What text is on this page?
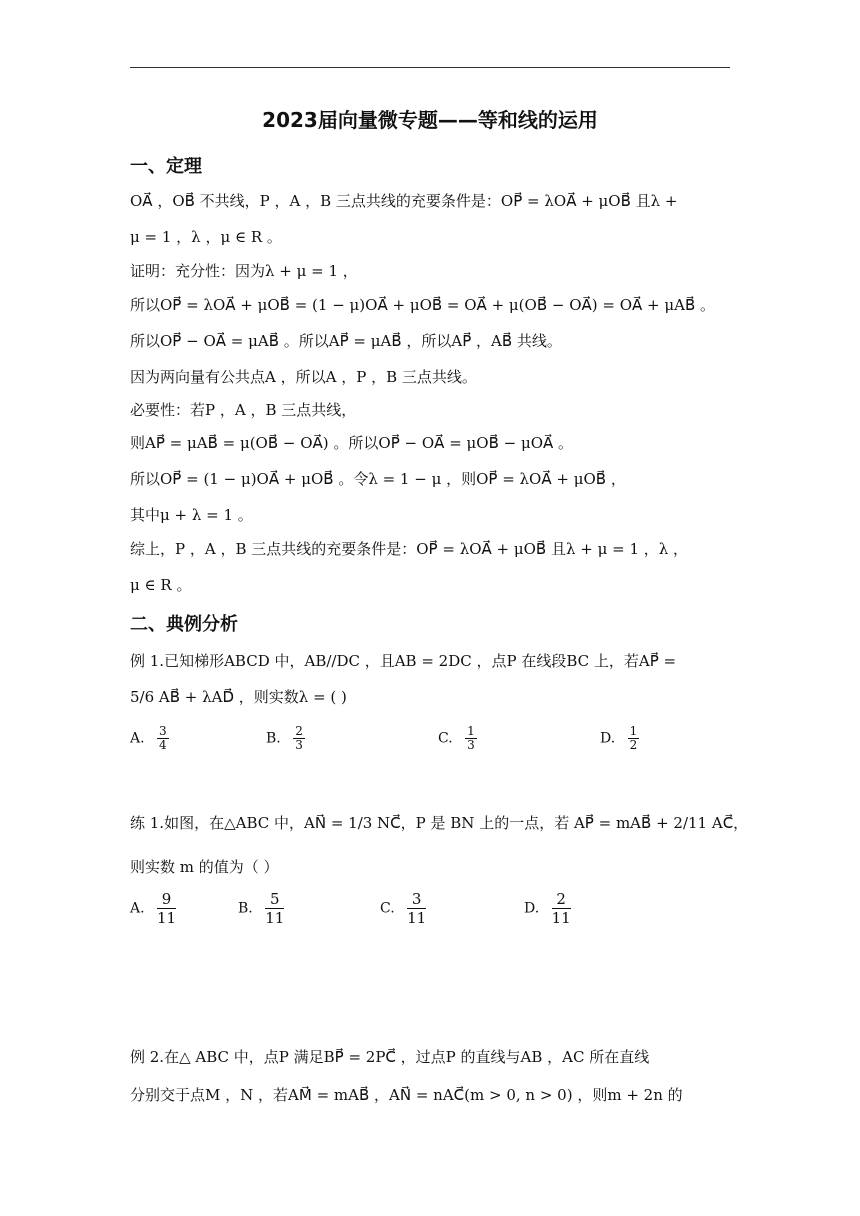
2023届向量微专题——等和线的运用
一、定理
OA⃗ ，OB⃗ 不共线，P ，A ，B 三点共线的充要条件是：OP⃗ = λOA⃗ + μOB⃗ 且λ +
μ = 1 ，λ ，μ ∈ R 。
证明：充分性：因为λ + μ = 1 ，
所以OP⃗ = λOA⃗ + μOB⃗ = (1 − μ)OA⃗ + μOB⃗ = OA⃗ + μ(OB⃗ − OA⃗) = OA⃗ + μAB⃗ 。
所以OP⃗ − OA⃗ = μAB⃗ 。所以AP⃗ = μAB⃗ ，所以AP⃗ ，AB⃗ 共线。
因为两向量有公共点A ，所以A ，P ，B 三点共线。
必要性：若P ，A ，B 三点共线，
则AP⃗ = μAB⃗ = μ(OB⃗ − OA⃗) 。所以OP⃗ − OA⃗ = μOB⃗ − μOA⃗ 。
所以OP⃗ = (1 − μ)OA⃗ + μOB⃗ 。令λ = 1 − μ ，则OP⃗ = λOA⃗ + μOB⃗ ，
其中μ + λ = 1 。
综上，P ，A ，B 三点共线的充要条件是：OP⃗ = λOA⃗ + μOB⃗ 且λ + μ = 1 ，λ ，
μ ∈ R 。
二、典例分析
例 1.已知梯形ABCD 中，AB//DC ，且AB = 2DC ，点P 在线段BC 上，若AP⃗ =
5/6 AB⃗ + λAD⃗ ，则实数λ = ( )
A. $\frac{3}{4}$	B. $\frac{2}{3}$	C. $\frac{1}{3}$	D. $\frac{1}{2}$
练 1.如图，在△ABC 中，AN⃗ = 1/3 NC⃗，P 是 BN 上的一点，若 AP⃗ = mAB⃗ + 2/11 AC⃗，
则实数 m 的值为（ ）
A. $\frac{9}{11}$	B. $\frac{5}{11}$	C. $\frac{3}{11}$	D. $\frac{2}{11}$
例 2.在△ ABC 中，点P 满足BP⃗ = 2PC⃗ ，过点P 的直线与AB ，AC 所在直线
分别交于点M ，N ，若AM⃗ = mAB⃗ ，AN⃗ = nAC⃗(m > 0, n > 0) ，则m + 2n 的
